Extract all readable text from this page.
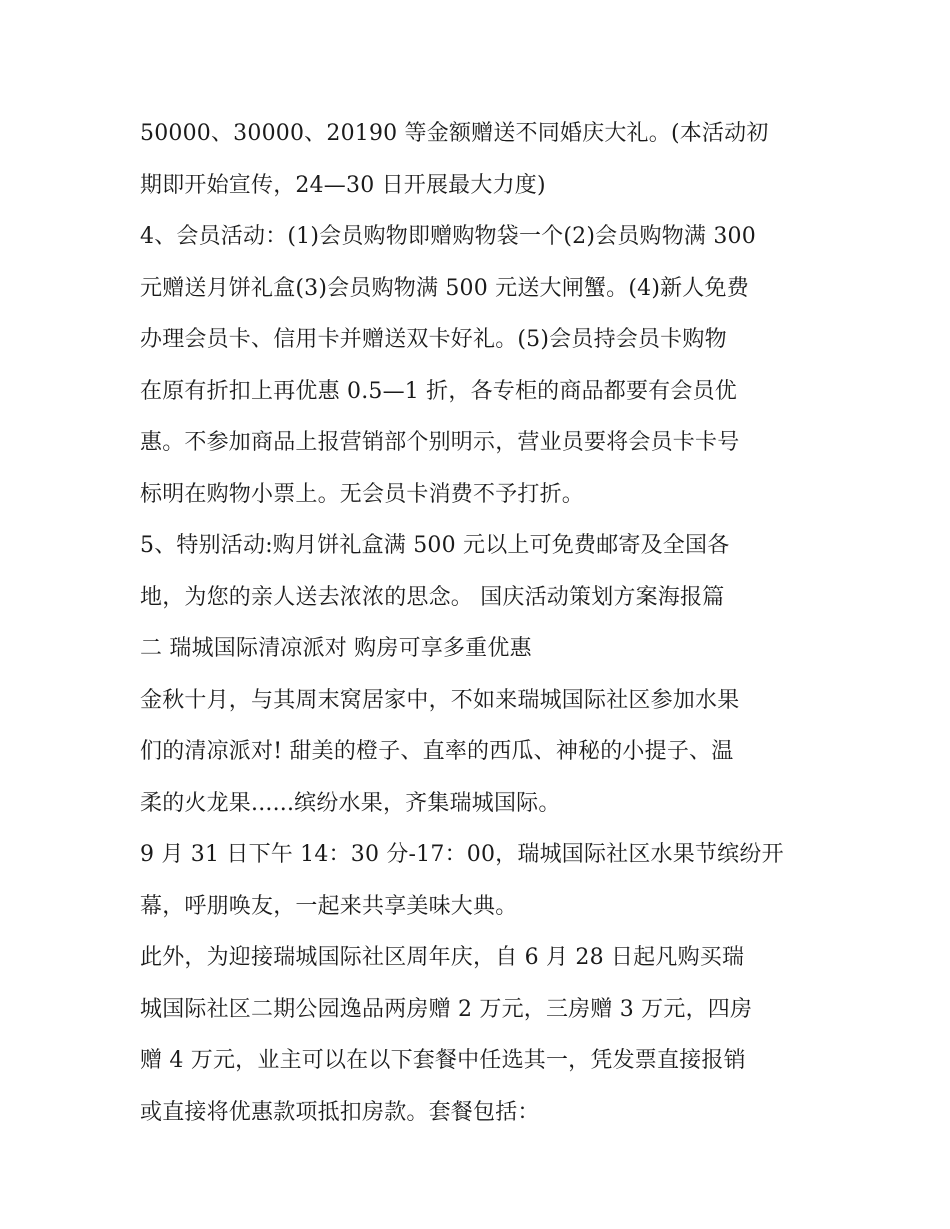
50000、30000、20190 等金额赠送不同婚庆大礼。(本活动初
期即开始宣传，24—30 日开展最大力度)
4、会员活动：(1)会员购物即赠购物袋一个(2)会员购物满 300
元赠送月饼礼盒(3)会员购物满 500 元送大闸蟹。(4)新人免费
办理会员卡、信用卡并赠送双卡好礼。(5)会员持会员卡购物
在原有折扣上再优惠 0.5—1 折，各专柜的商品都要有会员优
惠。不参加商品上报营销部个别明示，营业员要将会员卡卡号
标明在购物小票上。无会员卡消费不予打折。
5、特别活动:购月饼礼盒满 500 元以上可免费邮寄及全国各
地，为您的亲人送去浓浓的思念。 国庆活动策划方案海报篇
二 瑞城国际清凉派对 购房可享多重优惠
金秋十月，与其周末窝居家中，不如来瑞城国际社区参加水果
们的清凉派对! 甜美的橙子、直率的西瓜、神秘的小提子、温
柔的火龙果......缤纷水果，齐集瑞城国际。
9 月 31 日下午 14：30 分-17：00，瑞城国际社区水果节缤纷开
幕，呼朋唤友，一起来共享美味大典。
此外，为迎接瑞城国际社区周年庆，自 6 月 28 日起凡购买瑞
城国际社区二期公园逸品两房赠 2 万元，三房赠 3 万元，四房
赠 4 万元，业主可以在以下套餐中任选其一，凭发票直接报销
或直接将优惠款项抵扣房款。套餐包括：
